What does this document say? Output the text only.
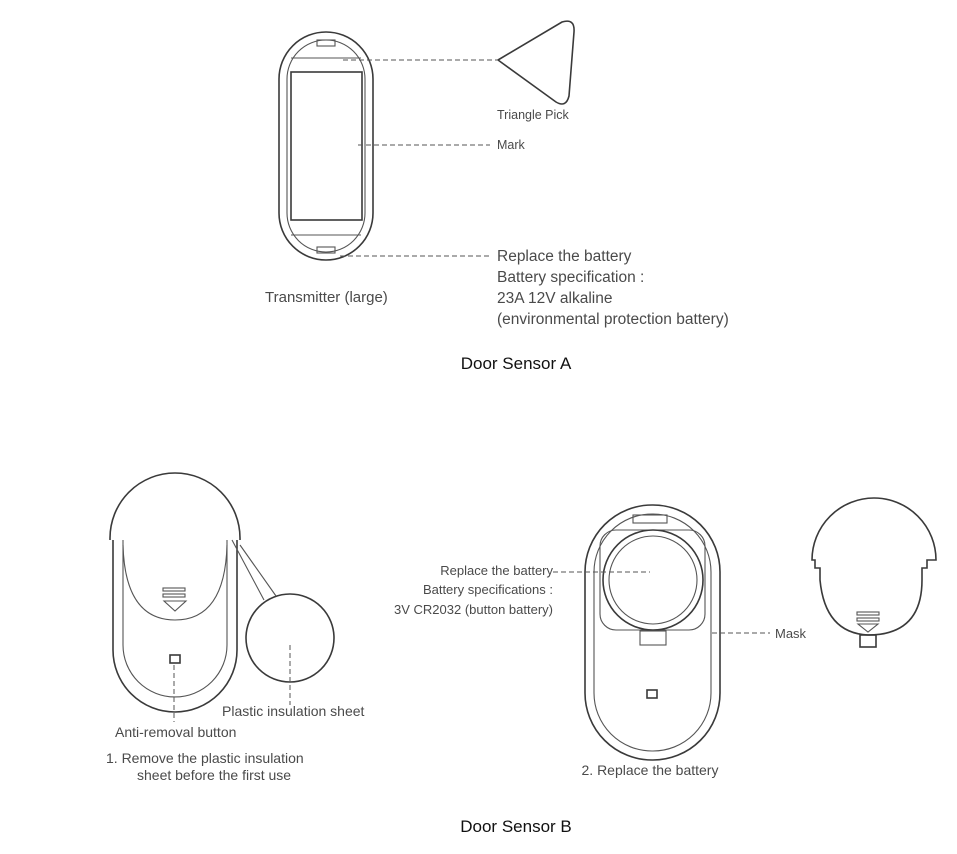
Triangle Pick
Mark
Transmitter (large)
Replace the battery
Battery specification :
23A 12V alkaline
(environmental protection battery)
Door Sensor A
Plastic insulation sheet
Anti-removal button
1. Remove the plastic insulation
sheet before the first use
Replace the battery
Battery specifications :
3V CR2032 (button battery)
Mask
2. Replace the battery
Door Sensor B
